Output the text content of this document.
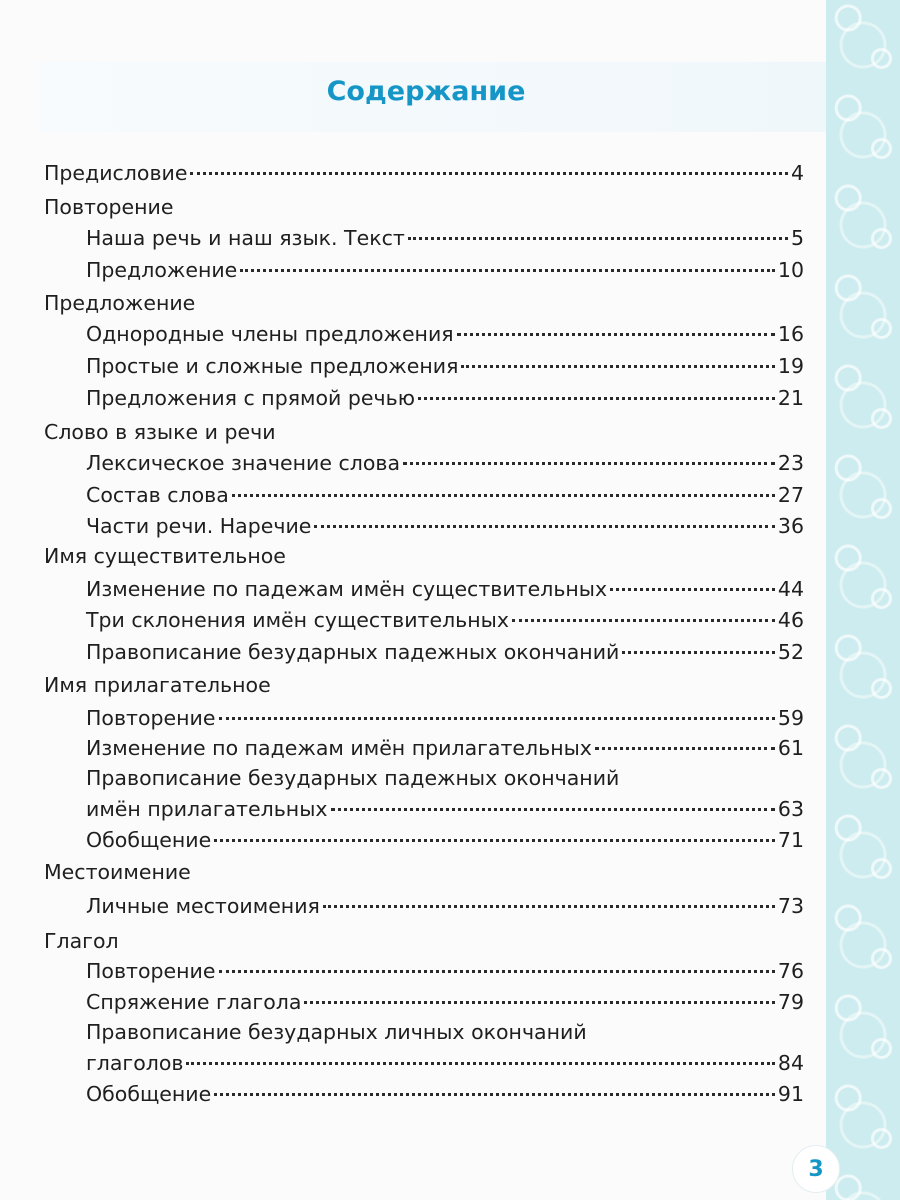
Содержание
Предисловие	4
Повторение
Наша речь и наш язык. Текст	5
Предложение	10
Предложение
Однородные члены предложения	16
Простые и сложные предложения	19
Предложения с прямой речью	21
Слово в языке и речи
Лексическое значение слова	23
Состав слова	27
Части речи. Наречие	36
Имя существительное
Изменение по падежам имён существительных	44
Три склонения имён существительных	46
Правописание безударных падежных окончаний	52
Имя прилагательное
Повторение	59
Изменение по падежам имён прилагательных	61
Правописание безударных падежных окончаний
имён прилагательных	63
Обобщение	71
Местоимение
Личные местоимения	73
Глагол
Повторение	76
Спряжение глагола	79
Правописание безударных личных окончаний
глаголов	84
Обобщение	91
3
